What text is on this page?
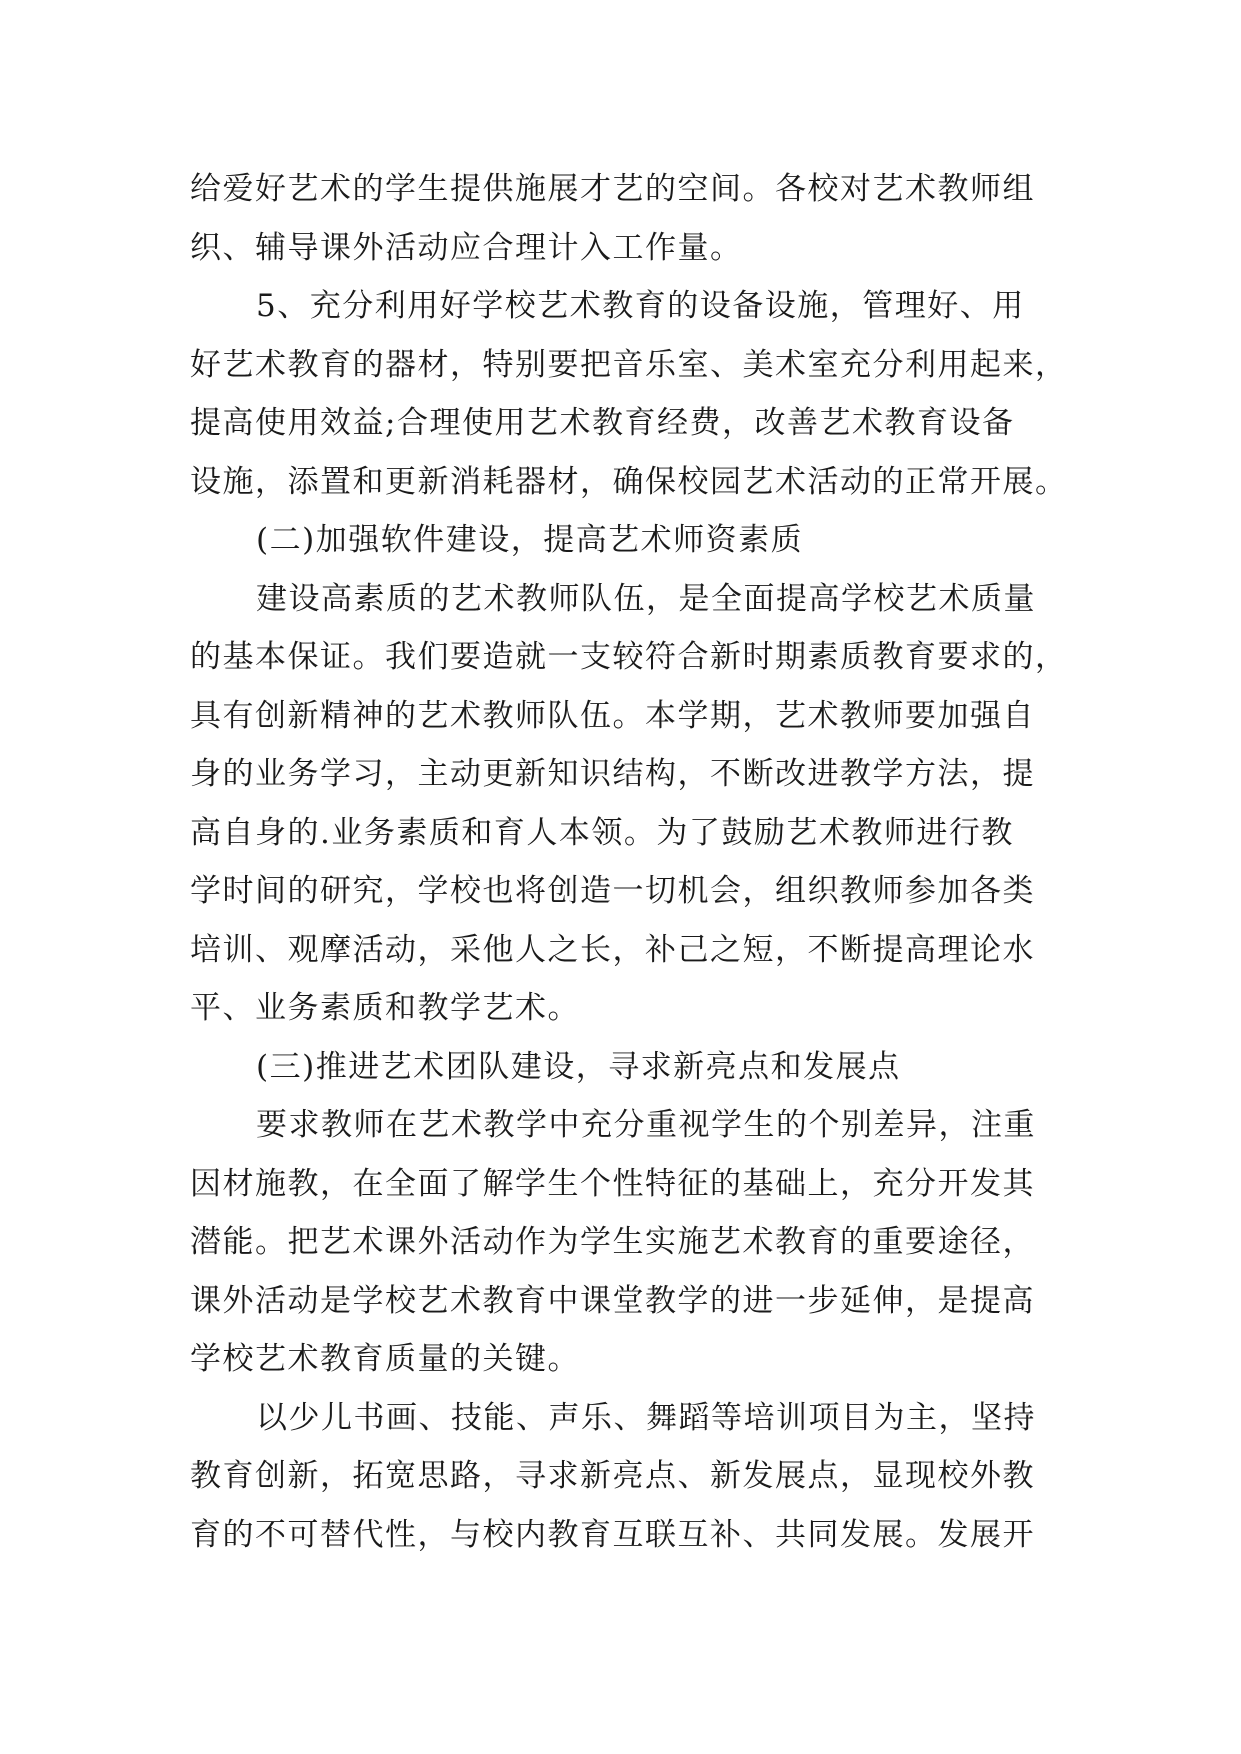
给爱好艺术的学生提供施展才艺的空间。各校对艺术教师组
织、辅导课外活动应合理计入工作量。
5、充分利用好学校艺术教育的设备设施，管理好、用
好艺术教育的器材，特别要把音乐室、美术室充分利用起来，
提高使用效益;合理使用艺术教育经费，改善艺术教育设备
设施，添置和更新消耗器材，确保校园艺术活动的正常开展。
(二)加强软件建设，提高艺术师资素质
建设高素质的艺术教师队伍，是全面提高学校艺术质量
的基本保证。我们要造就一支较符合新时期素质教育要求的，
具有创新精神的艺术教师队伍。本学期，艺术教师要加强自
身的业务学习，主动更新知识结构，不断改进教学方法，提
高自身的.业务素质和育人本领。为了鼓励艺术教师进行教
学时间的研究，学校也将创造一切机会，组织教师参加各类
培训、观摩活动，采他人之长，补己之短，不断提高理论水
平、业务素质和教学艺术。
(三)推进艺术团队建设，寻求新亮点和发展点
要求教师在艺术教学中充分重视学生的个别差异，注重
因材施教，在全面了解学生个性特征的基础上，充分开发其
潜能。把艺术课外活动作为学生实施艺术教育的重要途径，
课外活动是学校艺术教育中课堂教学的进一步延伸，是提高
学校艺术教育质量的关键。
以少儿书画、技能、声乐、舞蹈等培训项目为主，坚持
教育创新，拓宽思路，寻求新亮点、新发展点，显现校外教
育的不可替代性，与校内教育互联互补、共同发展。发展开
